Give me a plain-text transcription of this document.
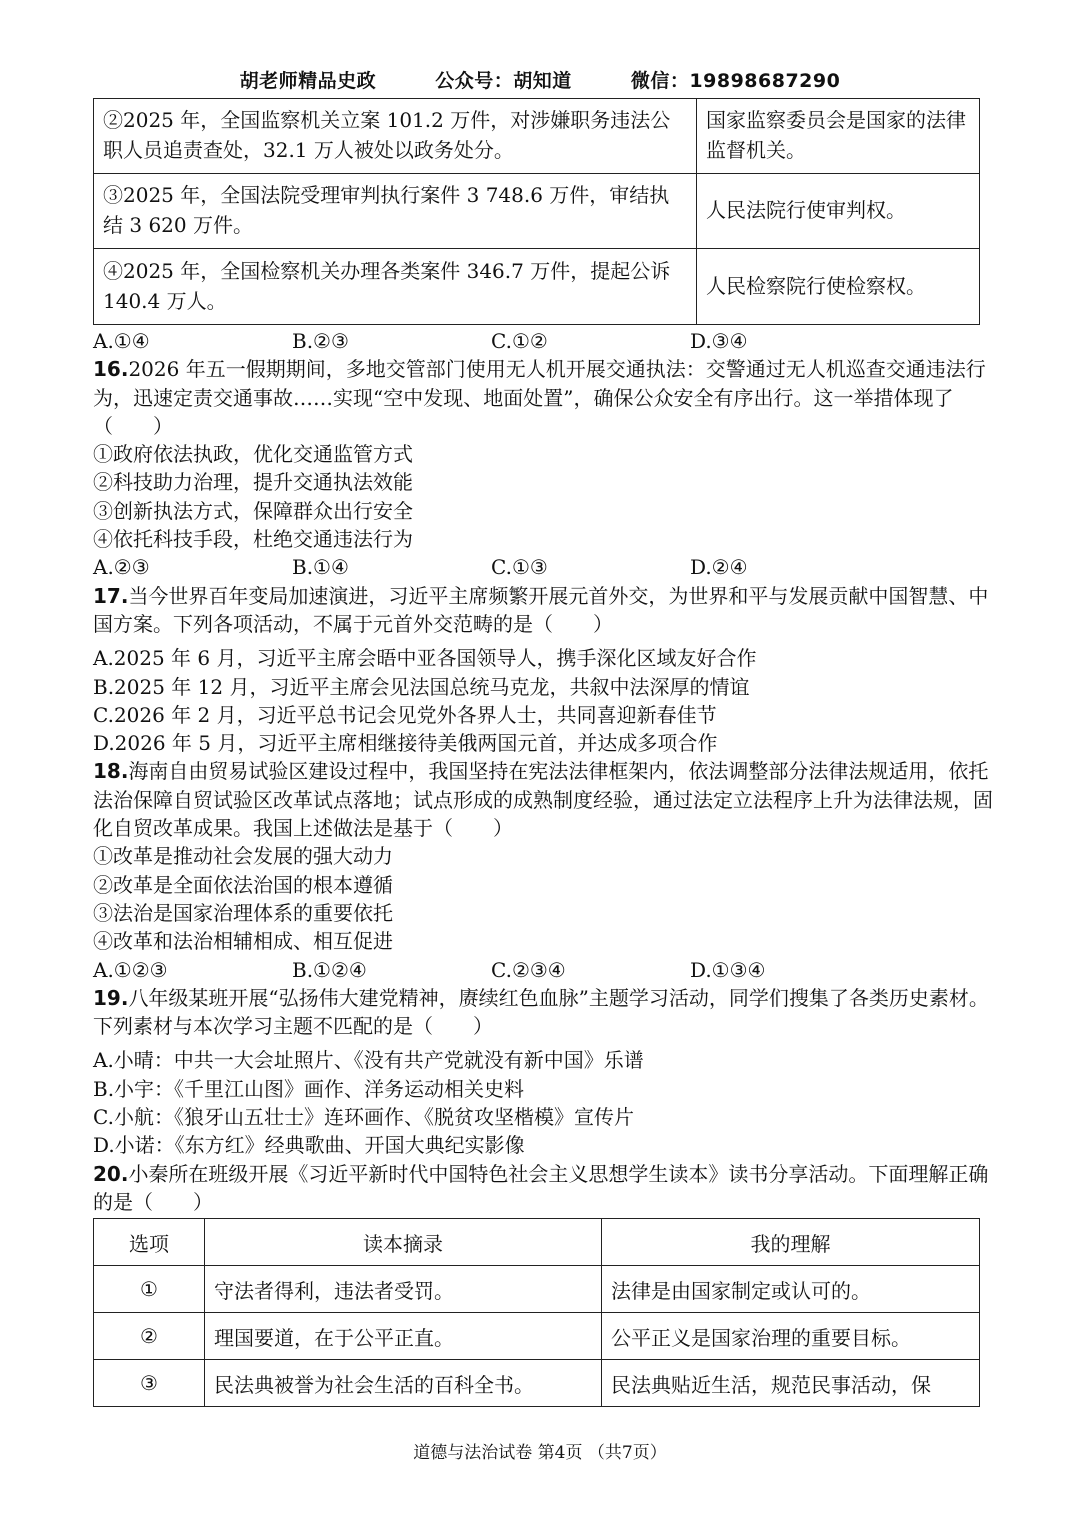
胡老师精品史政	公众号：胡知道	微信：19898687290
②2025 年，全国监察机关立案 101.2 万件，对涉嫌职务违法公职人员追责查处，32.1 万人被处以政务处分。	国家监察委员会是国家的法律监督机关。
③2025 年，全国法院受理审判执行案件 3 748.6 万件，审结执结 3 620 万件。	人民法院行使审判权。
④2025 年，全国检察机关办理各类案件 346.7 万件，提起公诉 140.4 万人。	人民检察院行使检察权。
A.①④	B.②③	C.①②	D.③④

16.2026 年五一假期期间，多地交管部门使用无人机开展交通执法：交警通过无人机巡查交通违法行为，迅速定责交通事故……实现“空中发现、地面处置”，确保公众安全有序出行。这一举措体现了（　　）

①政府依法执政，优化交通监管方式

②科技助力治理，提升交通执法效能

③创新执法方式，保障群众出行安全

④依托科技手段，杜绝交通违法行为

A.②③	B.①④	C.①③	D.②④

17.当今世界百年变局加速演进，习近平主席频繁开展元首外交，为世界和平与发展贡献中国智慧、中国方案。下列各项活动，不属于元首外交范畴的是（　　）

A.2025 年 6 月，习近平主席会晤中亚各国领导人，携手深化区域友好合作

B.2025 年 12 月，习近平主席会见法国总统马克龙，共叙中法深厚的情谊

C.2026 年 2 月，习近平总书记会见党外各界人士，共同喜迎新春佳节

D.2026 年 5 月，习近平主席相继接待美俄两国元首，并达成多项合作

18.海南自由贸易试验区建设过程中，我国坚持在宪法法律框架内，依法调整部分法律法规适用，依托法治保障自贸试验区改革试点落地；试点形成的成熟制度经验，通过法定立法程序上升为法律法规，固化自贸改革成果。我国上述做法是基于（　　）

①改革是推动社会发展的强大动力

②改革是全面依法治国的根本遵循

③法治是国家治理体系的重要依托

④改革和法治相辅相成、相互促进

A.①②③	B.①②④	C.②③④	D.①③④

19.八年级某班开展“弘扬伟大建党精神，赓续红色血脉”主题学习活动，同学们搜集了各类历史素材。下列素材与本次学习主题不匹配的是（　　）

A.小晴：中共一大会址照片、《没有共产党就没有新中国》乐谱

B.小宇：《千里江山图》画作、洋务运动相关史料

C.小航：《狼牙山五壮士》连环画作、《脱贫攻坚楷模》宣传片

D.小诺：《东方红》经典歌曲、开国大典纪实影像

20.小秦所在班级开展《习近平新时代中国特色社会主义思想学生读本》读书分享活动。下面理解正确的是（　　）

选项	读本摘录	我的理解
①	守法者得利，违法者受罚。	法律是由国家制定或认可的。
②	理国要道，在于公平正直。	公平正义是国家治理的重要目标。
③	民法典被誉为社会生活的百科全书。	民法典贴近生活，规范民事活动，保
道德与法治试卷 第4页 （共7页）
